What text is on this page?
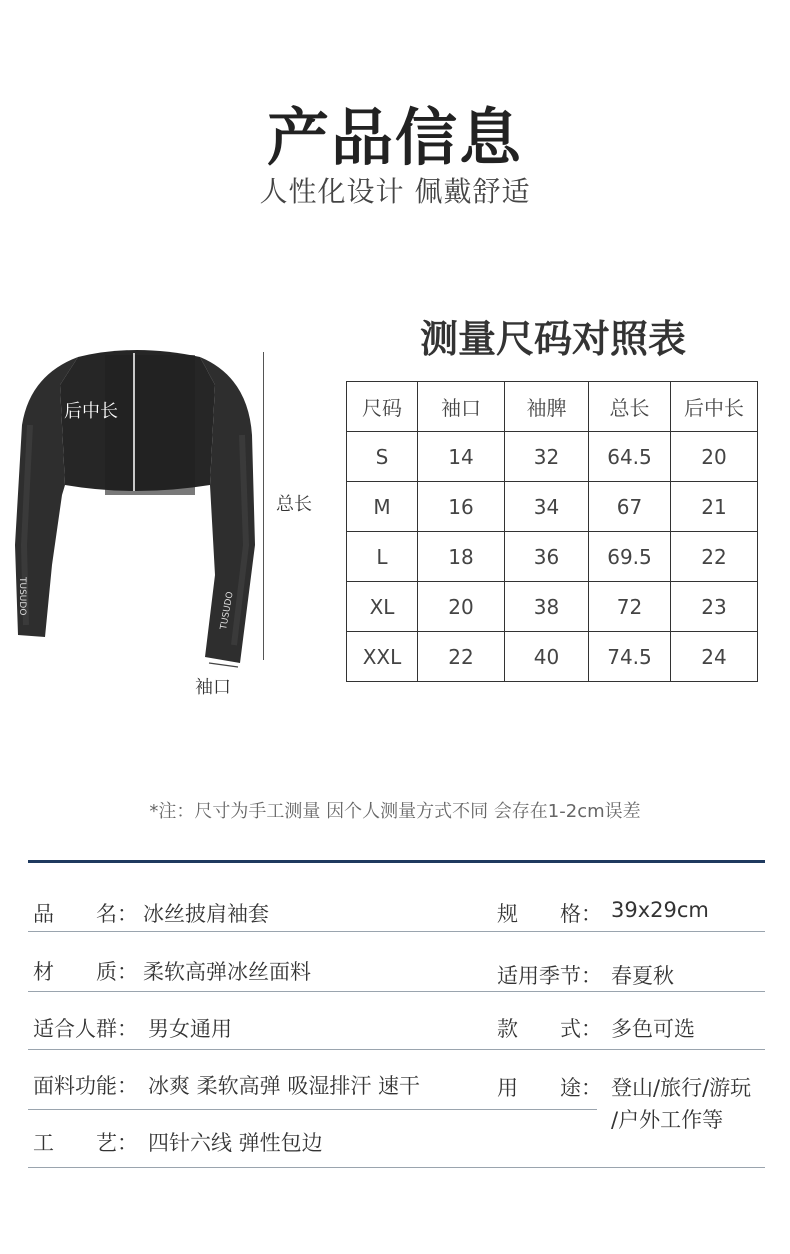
产品信息
人性化设计 佩戴舒适
TUSUDO	TUSUDO
后中长
总长
袖口
测量尺码对照表
尺码	袖口	袖脾	总长	后中长
S	14	32	64.5	20
M	16	34	67	21
L	18	36	69.5	22
XL	20	38	72	23
XXL	22	40	74.5	24
*注：尺寸为手工测量 因个人测量方式不同 会存在1-2cm误差
品　　名： 冰丝披肩袖套	规　　格： 39x29cm
材　　质： 柔软高弹冰丝面料	适用季节： 春夏秋
适合人群： 男女通用	款　　式： 多色可选
面料功能： 冰爽 柔软高弹 吸湿排汗 速干	用　　途： 登山/旅行/游玩
/户外工作等
工　　艺： 四针六线 弹性包边
